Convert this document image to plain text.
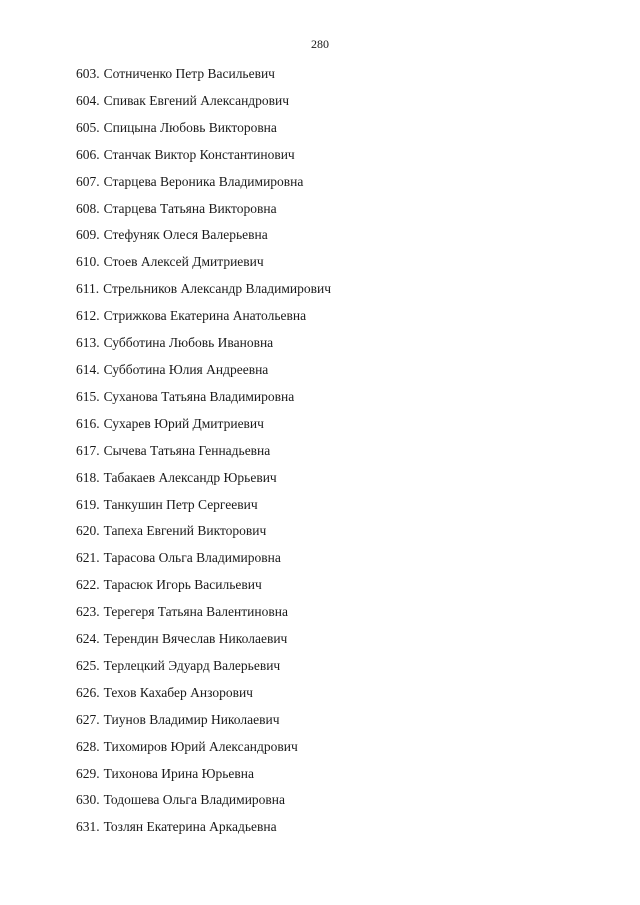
280
603. Сотниченко Петр Васильевич
604. Спивак Евгений Александрович
605. Спицына Любовь Викторовна
606. Станчак Виктор Константинович
607. Старцева Вероника Владимировна
608. Старцева Татьяна Викторовна
609. Стефуняк Олеся Валерьевна
610. Стоев Алексей Дмитриевич
611. Стрельников Александр Владимирович
612. Стрижкова Екатерина Анатольевна
613. Субботина Любовь Ивановна
614. Субботина Юлия Андреевна
615. Суханова Татьяна Владимировна
616. Сухарев Юрий Дмитриевич
617. Сычева Татьяна Геннадьевна
618. Табакаев Александр Юрьевич
619. Танкушин Петр Сергеевич
620. Тапеха Евгений Викторович
621. Тарасова Ольга Владимировна
622. Тарасюк Игорь Васильевич
623. Терегеря Татьяна Валентиновна
624. Терендин Вячеслав Николаевич
625. Терлецкий Эдуард Валерьевич
626. Техов Кахабер Анзорович
627. Тиунов Владимир Николаевич
628. Тихомиров Юрий Александрович
629. Тихонова Ирина Юрьевна
630. Тодошева Ольга Владимировна
631. Тозлян Екатерина Аркадьевна
